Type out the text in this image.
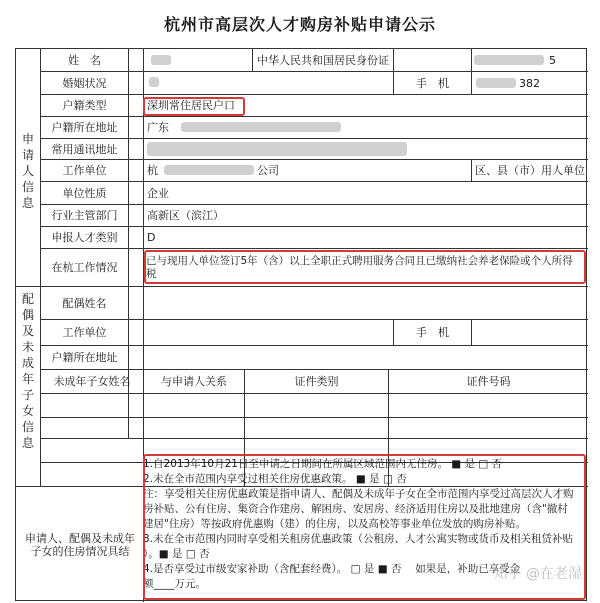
杭州市高层次人才购房补贴申请公示
申
请
人
信
息
配
偶
及
未
成
年
子
女
信
息
姓　名	中华人民共和国居民身份证	5
婚姻状况	手　机	382
户籍类型	深圳常住居民户口
户籍所在地址	广东
常用通讯地址
工作单位	杭	公司	区、县（市）用人单位
单位性质	企业
行业主管部门	高新区（滨江）
申报人才类别	D
在杭工作情况	已与现用人单位签订5年（含）以上全职正式聘用服务合同且已缴纳社会养老保险或个人所得
税
配偶姓名
工作单位	手　机
户籍所在地址
未成年子女姓名	与申请人关系	证件类别	证件号码
申请人、配偶及未成年
子女的住房情况具结
1.自2013年10月21日至申请之日期间在所属区域范围内无住房。 ■ 是 □ 否
2.未在全市范围内享受过相关住房优惠政策。 ■ 是 □ 否
注：享受相关住房优惠政策是指申请人、配偶及未成年子女在全市范围内享受过高层次人才购
房补贴、公有住房、集资合作建房、解困房、安居房、经济适用住房以及批地建房（含"撤村
建居"住房）等按政府优惠购（建）的住房，以及高校等事业单位发放的购房补贴。
3.未在全市范围内同时享受相关租房优惠政策（公租房、人才公寓实物或货币及相关租赁补贴
）。■ 是 □ 否
4.是否享受过市级安家补助（含配套经费）。 □ 是 ■ 否　 如果是，补助已享受金
额____万元。
知乎 @在老湿
